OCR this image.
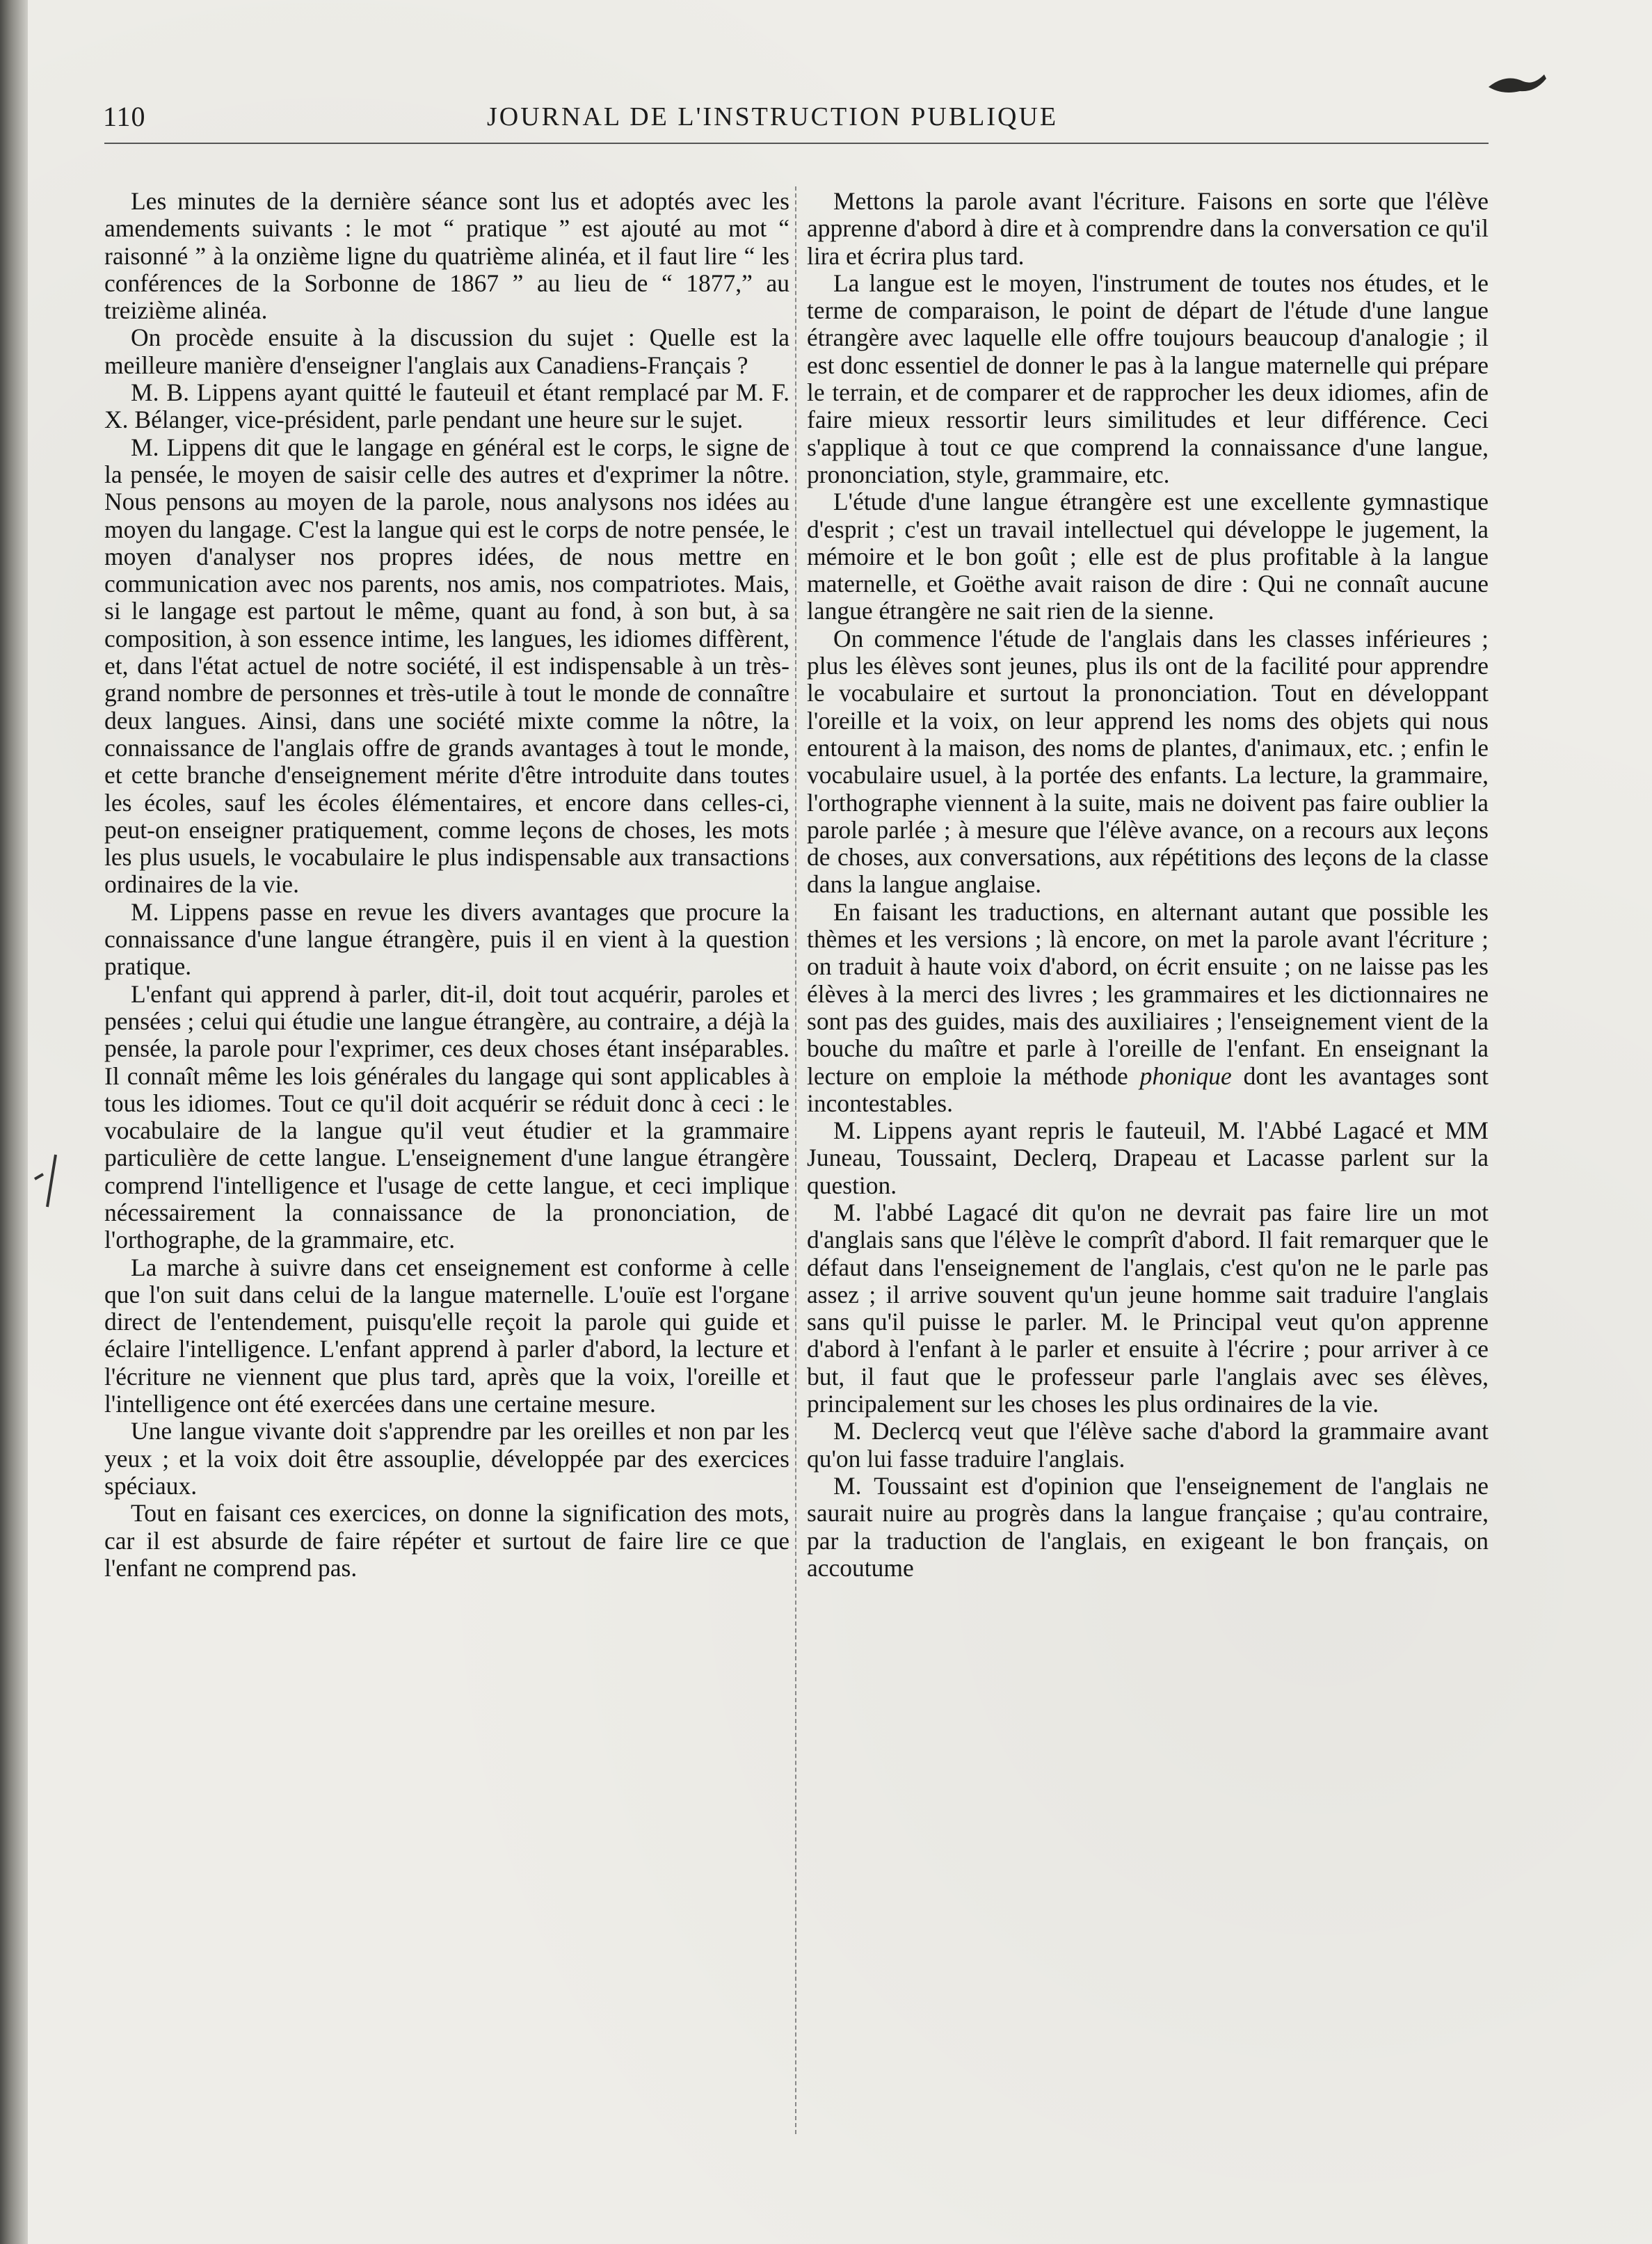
110	JOURNAL DE L'INSTRUCTION PUBLIQUE

Les minutes de la dernière séance sont lus et adoptés avec les amendements suivants : le mot “ pratique ” est ajouté au mot “ raisonné ” à la onzième ligne du quatrième alinéa, et il faut lire “ les conférences de la Sorbonne de 1867 ” au lieu de “ 1877,” au treizième alinéa.

On procède ensuite à la discussion du sujet : Quelle est la meilleure manière d'enseigner l'anglais aux Canadiens-Français ?

M. B. Lippens ayant quitté le fauteuil et étant remplacé par M. F. X. Bélanger, vice-président, parle pendant une heure sur le sujet.

M. Lippens dit que le langage en général est le corps, le signe de la pensée, le moyen de saisir celle des autres et d'exprimer la nôtre. Nous pensons au moyen de la parole, nous analysons nos idées au moyen du langage. C'est la langue qui est le corps de notre pensée, le moyen d'analyser nos propres idées, de nous mettre en communication avec nos parents, nos amis, nos compatriotes. Mais, si le langage est partout le même, quant au fond, à son but, à sa composition, à son essence intime, les langues, les idiomes diffèrent, et, dans l'état actuel de notre société, il est indispensable à un très-grand nombre de personnes et très-utile à tout le monde de connaître deux langues. Ainsi, dans une société mixte comme la nôtre, la connaissance de l'anglais offre de grands avantages à tout le monde, et cette branche d'enseignement mérite d'être introduite dans toutes les écoles, sauf les écoles élémentaires, et encore dans celles-ci, peut-on enseigner pratiquement, comme leçons de choses, les mots les plus usuels, le vocabulaire le plus indispensable aux transactions ordinaires de la vie.

M. Lippens passe en revue les divers avantages que procure la connaissance d'une langue étrangère, puis il en vient à la question pratique.

L'enfant qui apprend à parler, dit-il, doit tout acquérir, paroles et pensées ; celui qui étudie une langue étrangère, au contraire, a déjà la pensée, la parole pour l'exprimer, ces deux choses étant inséparables. Il connaît même les lois générales du langage qui sont applicables à tous les idiomes. Tout ce qu'il doit acquérir se réduit donc à ceci : le vocabulaire de la langue qu'il veut étudier et la grammaire particulière de cette langue. L'enseignement d'une langue étrangère comprend l'intelligence et l'usage de cette langue, et ceci implique nécessairement la connaissance de la prononciation, de l'orthographe, de la grammaire, etc.

La marche à suivre dans cet enseignement est conforme à celle que l'on suit dans celui de la langue maternelle. L'ouïe est l'organe direct de l'entendement, puisqu'elle reçoit la parole qui guide et éclaire l'intelligence. L'enfant apprend à parler d'abord, la lecture et l'écriture ne viennent que plus tard, après que la voix, l'oreille et l'intelligence ont été exercées dans une certaine mesure.

Une langue vivante doit s'apprendre par les oreilles et non par les yeux ; et la voix doit être assouplie, développée par des exercices spéciaux.

Tout en faisant ces exercices, on donne la signification des mots, car il est absurde de faire répéter et surtout de faire lire ce que l'enfant ne comprend pas.

Mettons la parole avant l'écriture. Faisons en sorte que l'élève apprenne d'abord à dire et à comprendre dans la conversation ce qu'il lira et écrira plus tard.

La langue est le moyen, l'instrument de toutes nos études, et le terme de comparaison, le point de départ de l'étude d'une langue étrangère avec laquelle elle offre toujours beaucoup d'analogie ; il est donc essentiel de donner le pas à la langue maternelle qui prépare le terrain, et de comparer et de rapprocher les deux idiomes, afin de faire mieux ressortir leurs similitudes et leur différence. Ceci s'applique à tout ce que comprend la connaissance d'une langue, prononciation, style, grammaire, etc.

L'étude d'une langue étrangère est une excellente gymnastique d'esprit ; c'est un travail intellectuel qui développe le jugement, la mémoire et le bon goût ; elle est de plus profitable à la langue maternelle, et Goëthe avait raison de dire : Qui ne connaît aucune langue étrangère ne sait rien de la sienne.

On commence l'étude de l'anglais dans les classes inférieures ; plus les élèves sont jeunes, plus ils ont de la facilité pour apprendre le vocabulaire et surtout la prononciation. Tout en développant l'oreille et la voix, on leur apprend les noms des objets qui nous entourent à la maison, des noms de plantes, d'animaux, etc. ; enfin le vocabulaire usuel, à la portée des enfants. La lecture, la grammaire, l'orthographe viennent à la suite, mais ne doivent pas faire oublier la parole parlée ; à mesure que l'élève avance, on a recours aux leçons de choses, aux conversations, aux répétitions des leçons de la classe dans la langue anglaise.

En faisant les traductions, en alternant autant que possible les thèmes et les versions ; là encore, on met la parole avant l'écriture ; on traduit à haute voix d'abord, on écrit ensuite ; on ne laisse pas les élèves à la merci des livres ; les grammaires et les dictionnaires ne sont pas des guides, mais des auxiliaires ; l'enseignement vient de la bouche du maître et parle à l'oreille de l'enfant. En enseignant la lecture on emploie la méthode phonique dont les avantages sont incontestables.

M. Lippens ayant repris le fauteuil, M. l'Abbé Lagacé et MM Juneau, Toussaint, Declerq, Drapeau et Lacasse parlent sur la question.

M. l'abbé Lagacé dit qu'on ne devrait pas faire lire un mot d'anglais sans que l'élève le comprît d'abord. Il fait remarquer que le défaut dans l'enseignement de l'anglais, c'est qu'on ne le parle pas assez ; il arrive souvent qu'un jeune homme sait traduire l'anglais sans qu'il puisse le parler. M. le Principal veut qu'on apprenne d'abord à l'enfant à le parler et ensuite à l'écrire ; pour arriver à ce but, il faut que le professeur parle l'anglais avec ses élèves, principalement sur les choses les plus ordinaires de la vie.

M. Declercq veut que l'élève sache d'abord la grammaire avant qu'on lui fasse traduire l'anglais.

M. Toussaint est d'opinion que l'enseignement de l'anglais ne saurait nuire au progrès dans la langue française ; qu'au contraire, par la traduction de l'anglais, en exigeant le bon français, on accoutume
